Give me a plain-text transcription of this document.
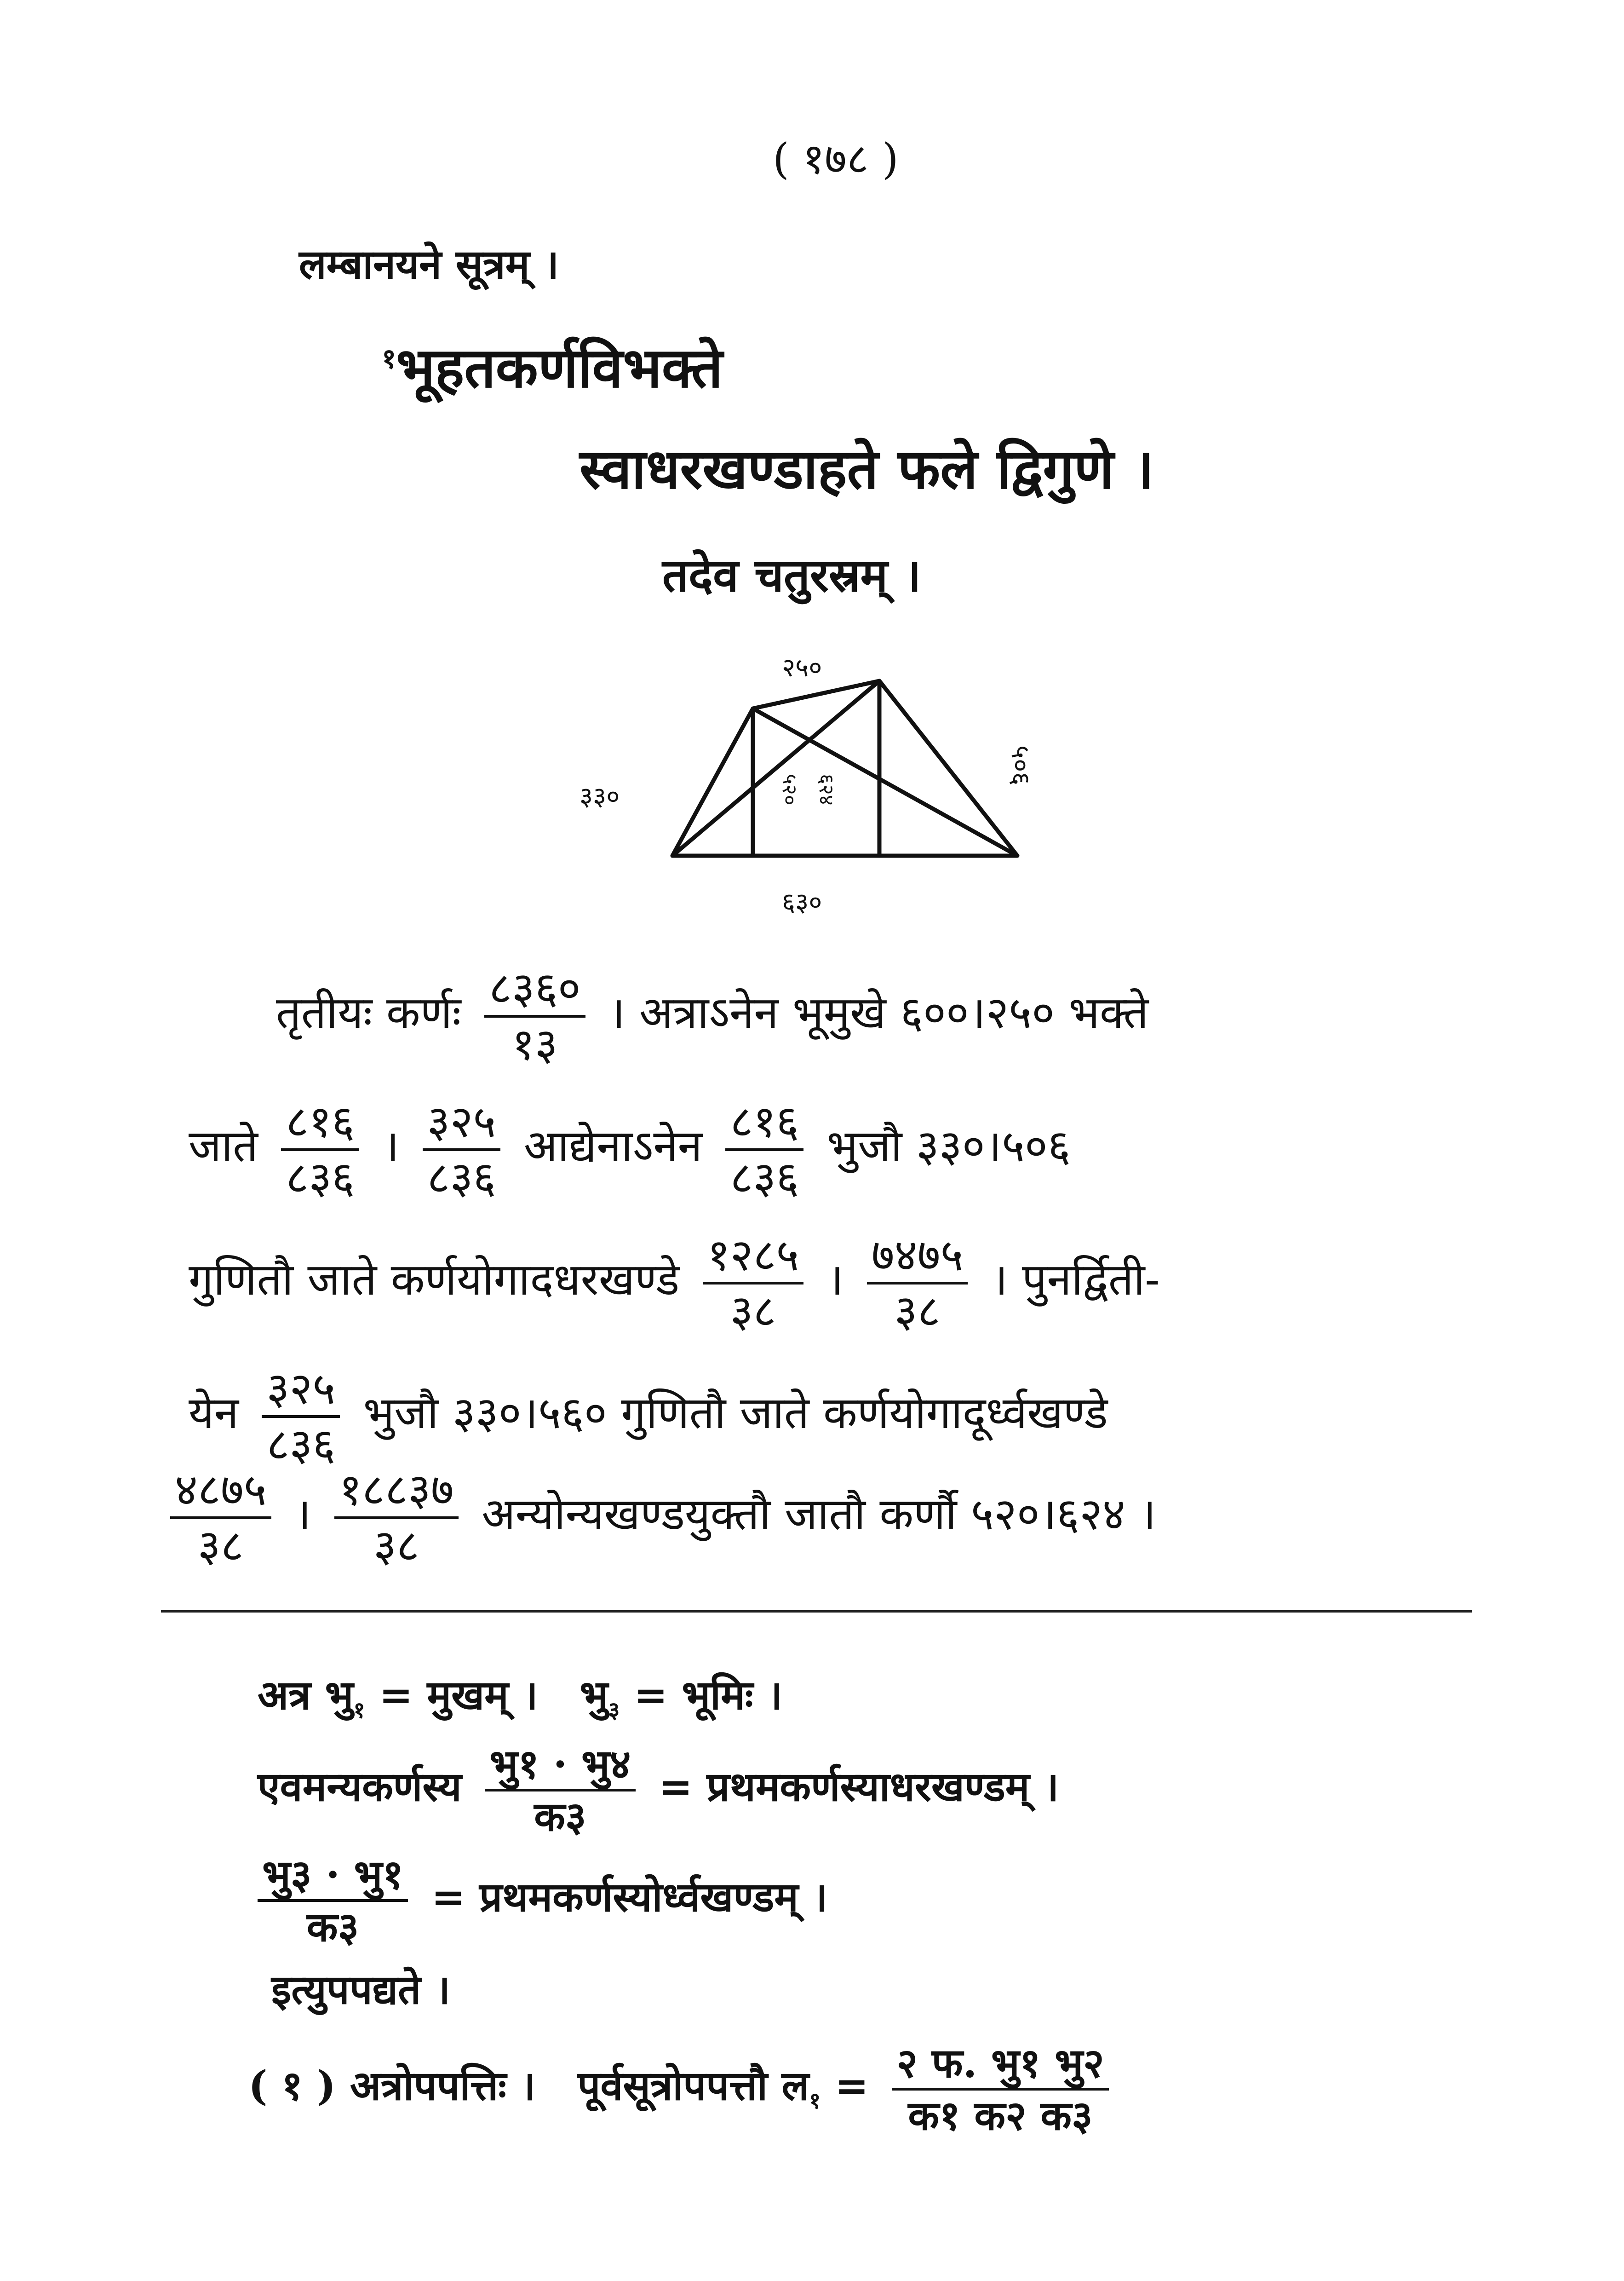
( १७८ )
लम्बानयने सूत्रम् ।
$^१$भूहतकर्णविभक्ते
स्वाधरखण्डाहते फले द्विगुणे ।
तदेव चतुरस्रम् ।
२५०
३३०
५०६
६३०
५२० ६२४
तृतीयः कर्णः $\frac{८३६०}{१३}$ । अत्राऽनेन भूमुखे ६००।२५० भक्ते
जाते $\frac{८१६}{८३६}$ । $\frac{३२५}{८३६}$ आद्येनाऽनेन $\frac{८१६}{८३६}$ भुजौ ३३०।५०६
गुणितौ जाते कर्णयोगादधरखण्डे $\frac{१२८५}{३८}$ । $\frac{७४७५}{३८}$ । पुनर्द्विती-
येन $\frac{३२५}{८३६}$ भुजौ ३३०।५६० गुणितौ जाते कर्णयोगादूर्ध्वखण्डे
$\frac{४८७५}{३८}$ । $\frac{१८८३७}{३८}$ अन्योन्यखण्डयुक्तौ जातौ कर्णौ ५२०।६२४ ।
अत्र $भु_१$ = मुखम् । $भु_३$ = भूमिः ।
एवमन्यकर्णस्य $\frac{\text{भु१ · भु४}}{\text{क३}}$ = प्रथमकर्णस्याधरखण्डम् ।
$\frac{\text{भु३ · भु१}}{\text{क३}}$ = प्रथमकर्णस्योर्ध्वखण्डम् ।
इत्युपपद्यते ।
( १ ) अत्रोपपत्तिः । पूर्वसूत्रोपपत्तौ ल$_१$ = $\frac{\text{२ फ. भु१ भु२}}{\text{क१ क२ क३}}$
